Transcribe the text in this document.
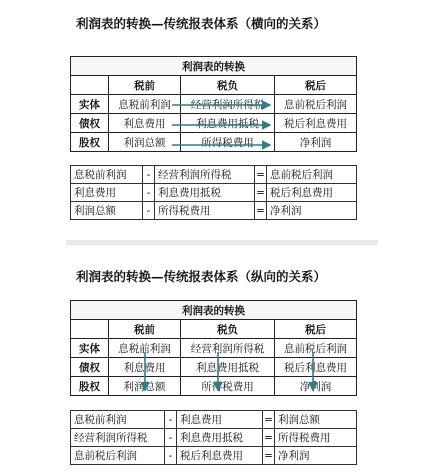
利润表的转换—传统报表体系（横向的关系）
利润表的转换			
	税前	税负	税后
实体	息税前利润	经营利润所得税	息前税后利润
债权	利息费用	利息费用抵税	税后利息费用
股权	利润总额	所得税费用	净利润
息税前利润	-	经营利润所得税	=	息前税后利润
利息费用	-	利息费用抵税	=	税后利息费用
利润总额	-	所得税费用	=	净利润
利润表的转换—传统报表体系（纵向的关系）
利润表的转换			
	税前	税负	税后
实体	息税前利润	经营利润所得税	息前税后利润
债权	利息费用	利息费用抵税	税后利息费用
股权	利润总额	所得税费用	净利润
息税前利润	-	利息费用	=	利润总额
经营利润所得税	-	利息费用抵税	=	所得税费用
息前税后利润	-	税后利息费用	=	净利润
